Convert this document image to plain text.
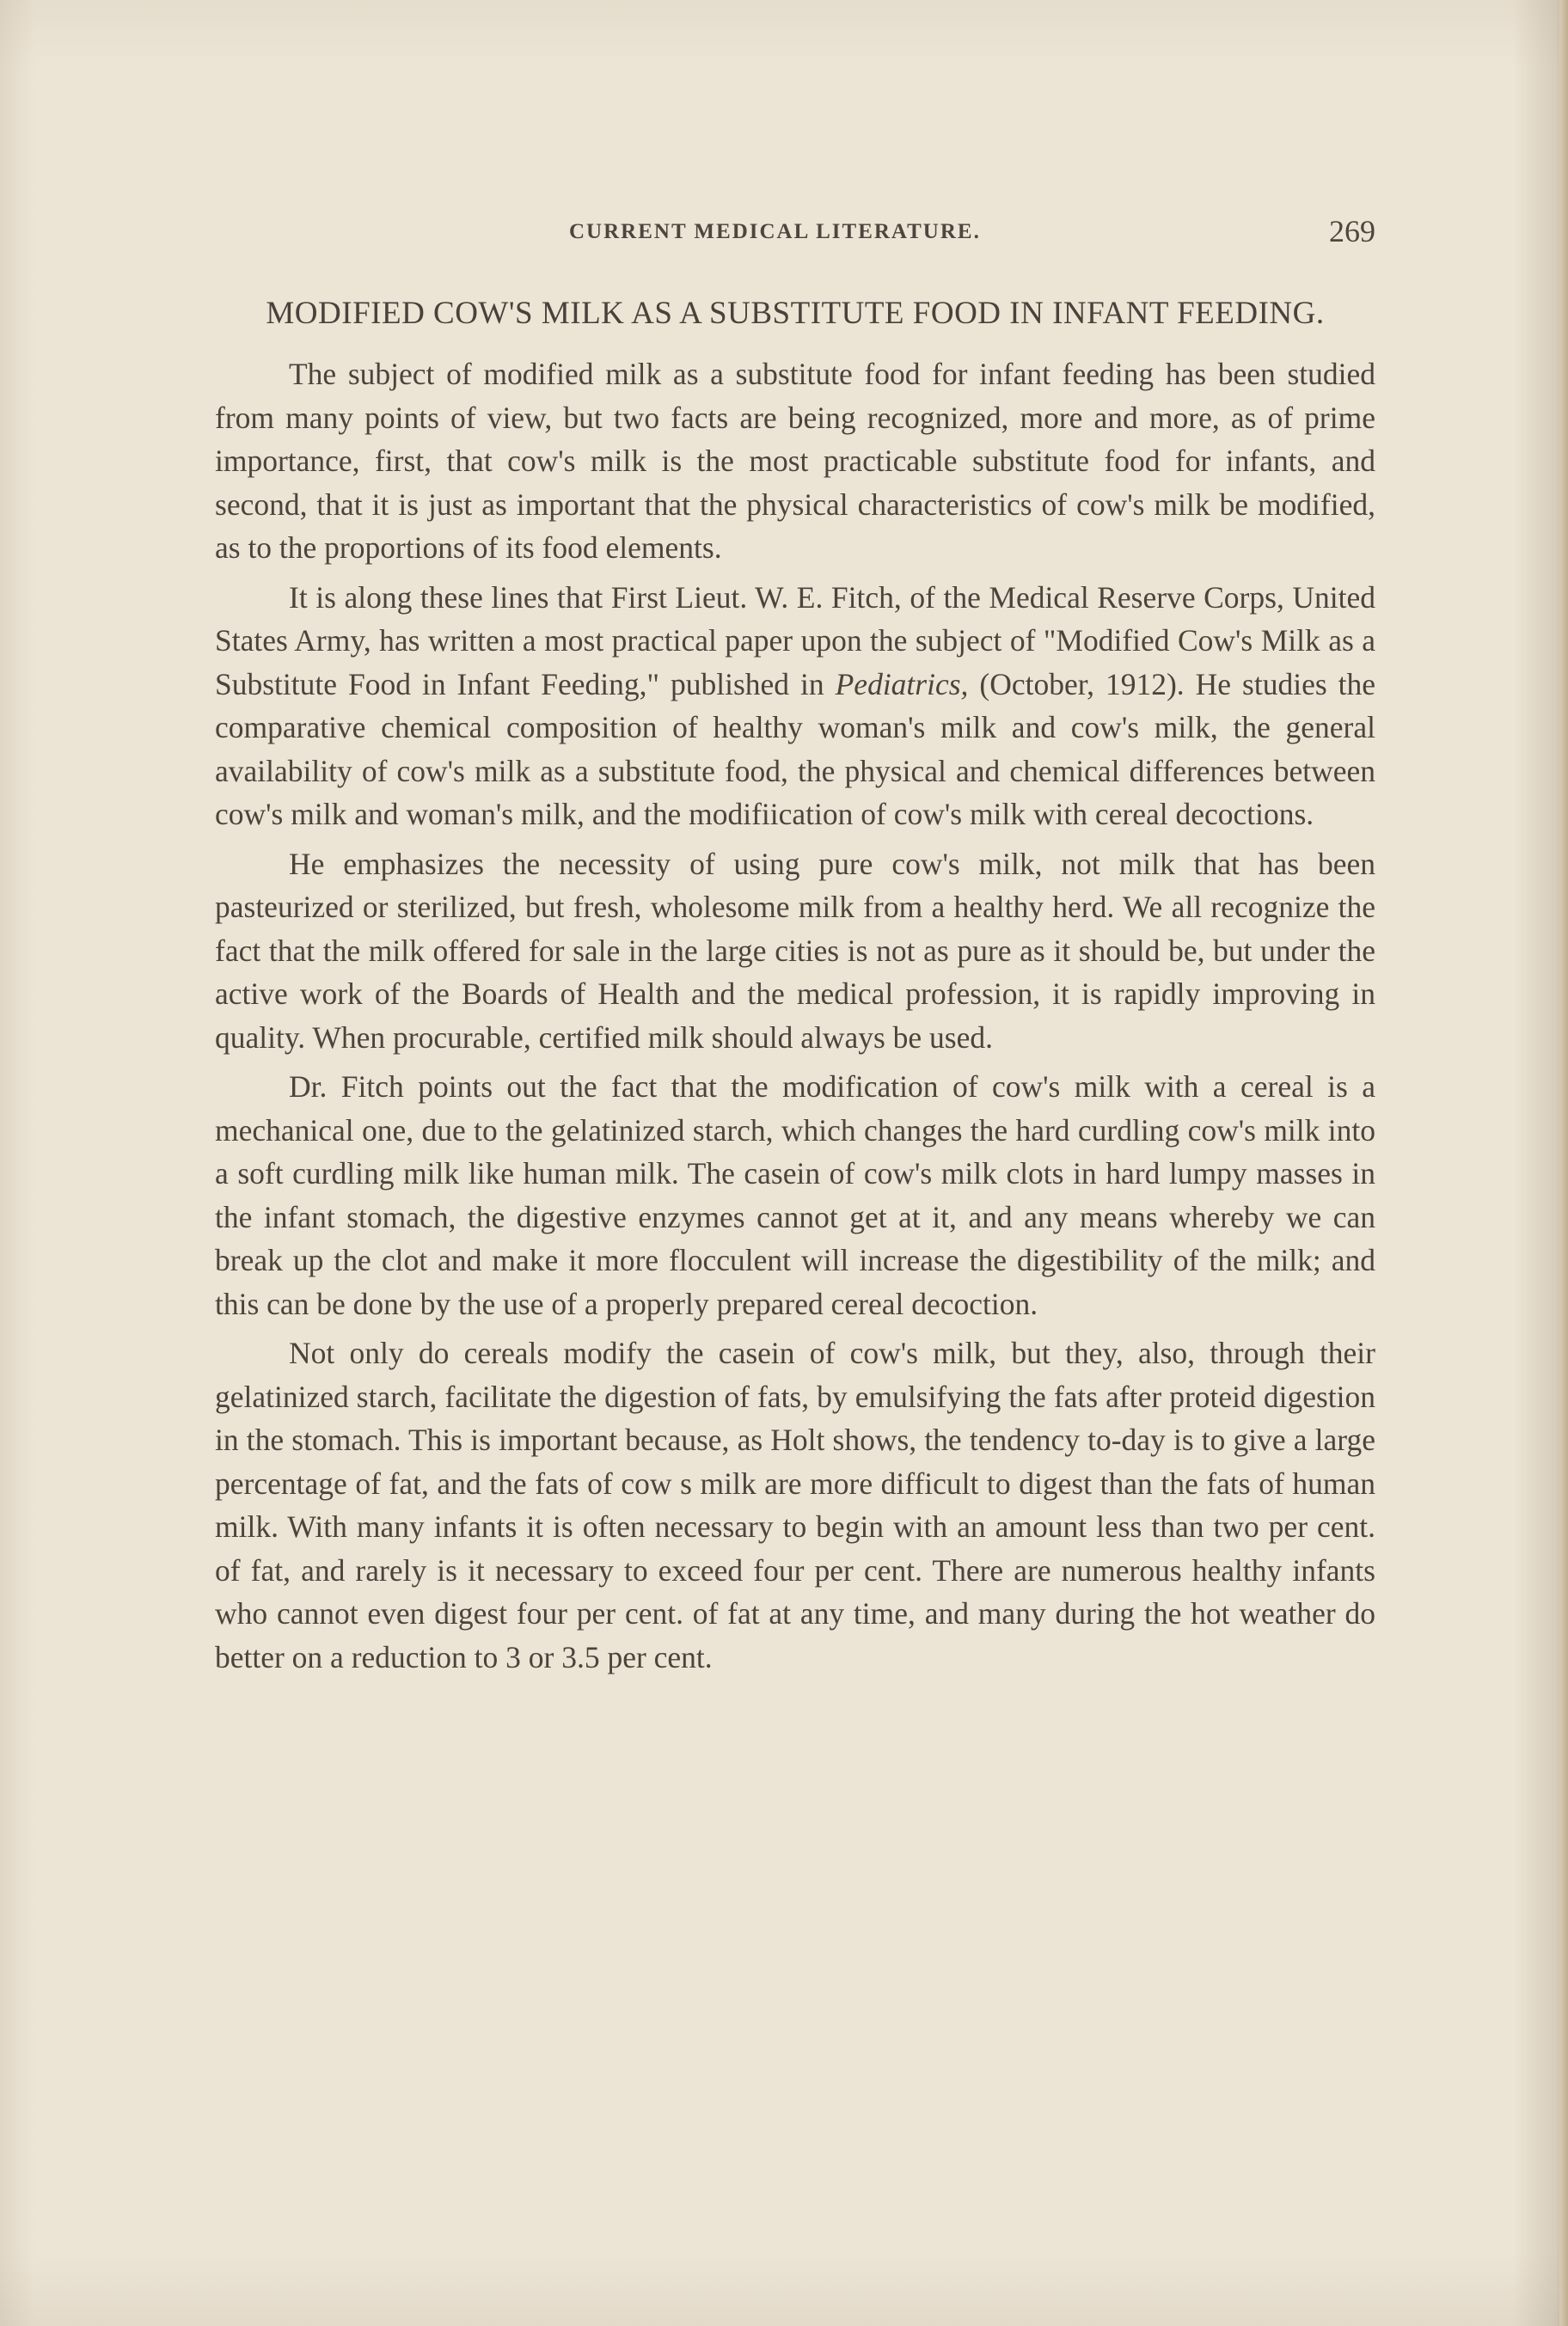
CURRENT MEDICAL LITERATURE.	269
MODIFIED COW'S MILK AS A SUBSTITUTE FOOD IN INFANT FEEDING.

The subject of modified milk as a substitute food for infant feeding has been studied from many points of view, but two facts are being recognized, more and more, as of prime importance, first, that cow's milk is the most practicable substitute food for infants, and second, that it is just as important that the physical characteristics of cow's milk be modified, as to the proportions of its food elements.

It is along these lines that First Lieut. W. E. Fitch, of the Medical Reserve Corps, United States Army, has written a most practical paper upon the subject of "Modified Cow's Milk as a Substitute Food in Infant Feeding," published in Pediatrics, (October, 1912). He studies the comparative chemical composition of healthy woman's milk and cow's milk, the general availability of cow's milk as a substitute food, the physical and chemical differences between cow's milk and woman's milk, and the modifiication of cow's milk with cereal decoctions.

He emphasizes the necessity of using pure cow's milk, not milk that has been pasteurized or sterilized, but fresh, wholesome milk from a healthy herd. We all recognize the fact that the milk offered for sale in the large cities is not as pure as it should be, but under the active work of the Boards of Health and the medical profession, it is rapidly improving in quality. When procurable, certified milk should always be used.

Dr. Fitch points out the fact that the modification of cow's milk with a cereal is a mechanical one, due to the gelatinized starch, which changes the hard curdling cow's milk into a soft curdling milk like human milk. The casein of cow's milk clots in hard lumpy masses in the infant stomach, the digestive enzymes cannot get at it, and any means whereby we can break up the clot and make it more flocculent will increase the digestibility of the milk; and this can be done by the use of a properly prepared cereal decoction.

Not only do cereals modify the casein of cow's milk, but they, also, through their gelatinized starch, facilitate the digestion of fats, by emulsifying the fats after proteid digestion in the stomach. This is important because, as Holt shows, the tendency to-day is to give a large percentage of fat, and the fats of cow s milk are more difficult to digest than the fats of human milk. With many infants it is often necessary to begin with an amount less than two per cent. of fat, and rarely is it necessary to exceed four per cent. There are numerous healthy infants who cannot even digest four per cent. of fat at any time, and many during the hot weather do better on a reduction to 3 or 3.5 per cent.
